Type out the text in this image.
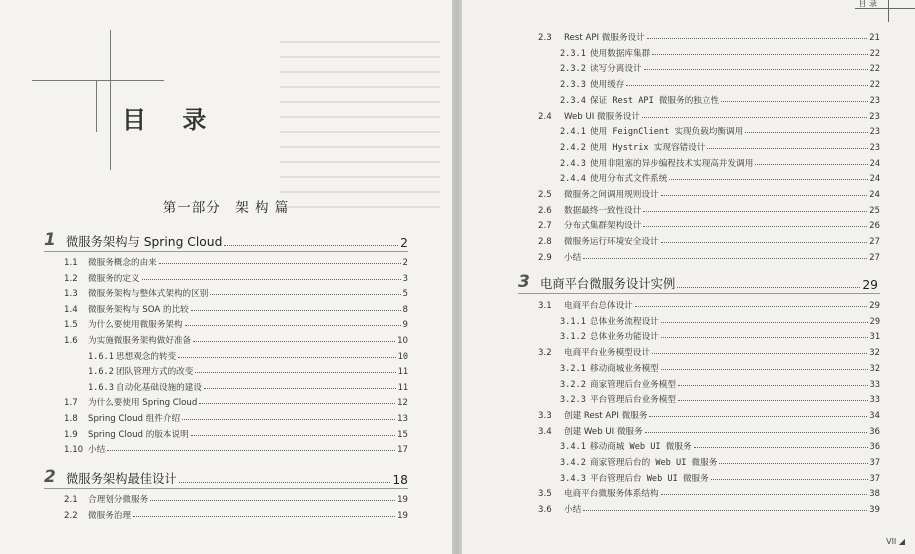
目 录
第一部分　架 构 篇
1 微服务架构与 Spring Cloud	2
1.1	微服务概念的由来	2
1.2	微服务的定义	3
1.3	微服务架构与整体式架构的区别	5
1.4	微服务架构与 SOA 的比较	8
1.5	为什么要使用微服务架构	9
1.6	为实施微服务架构做好准备	10
1.6.1 思想观念的转变	10
1.6.2 团队管理方式的改变	11
1.6.3 自动化基础设施的建设	11
1.7	为什么要使用 Spring Cloud	12
1.8	Spring Cloud 组件介绍	13
1.9	Spring Cloud 的版本说明	15
1.10 小结	17
2 微服务架构最佳设计	18
2.1	合理划分微服务	19
2.2	微服务治理	19
目 录
2.3	Rest API 微服务设计	21
2.3.1 使用数据库集群	22
2.3.2 读写分离设计	22
2.3.3 使用缓存	22
2.3.4 保证 Rest API 微服务的独立性	23
2.4	Web UI 微服务设计	23
2.4.1 使用 FeignClient 实现负载均衡调用	23
2.4.2 使用 Hystrix 实现容错设计	23
2.4.3 使用非阻塞的异步编程技术实现高并发调用	24
2.4.4 使用分布式文件系统	24
2.5	微服务之间调用规则设计	24
2.6	数据最终一致性设计	25
2.7	分布式集群架构设计	26
2.8	微服务运行环境安全设计	27
2.9	小结	27
3 电商平台微服务设计实例	29
3.1	电商平台总体设计	29
3.1.1 总体业务流程设计	29
3.1.2 总体业务功能设计	31
3.2	电商平台业务模型设计	32
3.2.1 移动商城业务模型	32
3.2.2 商家管理后台业务模型	33
3.2.3 平台管理后台业务模型	33
3.3	创建 Rest API 微服务	34
3.4	创建 Web UI 微服务	36
3.4.1 移动商城 Web UI 微服务	36
3.4.2 商家管理后台的 Web UI 微服务	37
3.4.3 平台管理后台 Web UI 微服务	37
3.5	电商平台微服务体系结构	38
3.6	小结	39
VII ◢
